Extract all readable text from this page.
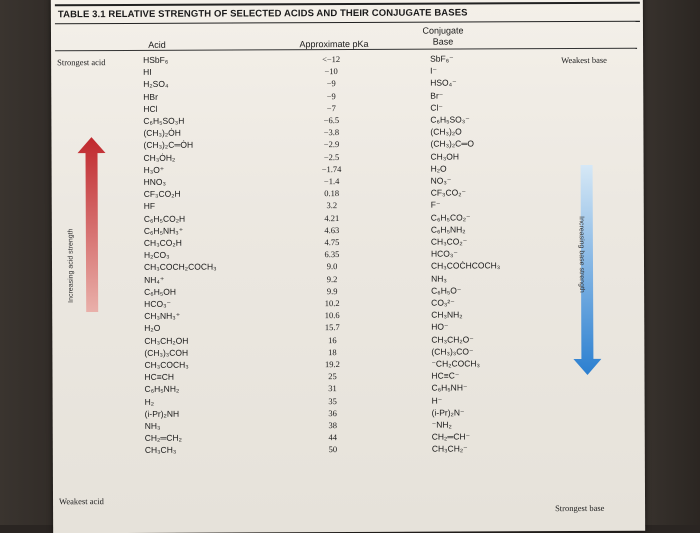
TABLE 3.1 RELATIVE STRENGTH OF SELECTED ACIDS AND THEIR CONJUGATE BASES
Acid	Approximate pKa
Conjugate
Base
Strongest acid	Weakest base
Weakest acid
Strongest base
Increasing acid strength	Increasing base strength
HSbF₆	<−12	SbF₆⁻
HI	−10	I⁻
H₂SO₄	−9	HSO₄⁻
HBr	−9	Br⁻
HCl	−7	Cl⁻
C₆H₅SO₃H	−6.5	C₆H₅SO₃⁻
(CH₃)₂ȮH	−3.8	(CH₃)₂O
(CH₃)₂C═ȮH	−2.9	(CH₃)₂C═O
CH₃ȮH₂	−2.5	CH₃OH
H₃O⁺	−1.74	H₂O
HNO₃	−1.4	NO₃⁻
CF₃CO₂H	0.18	CF₃CO₂⁻
HF	3.2	F⁻
C₆H₅CO₂H	4.21	C₆H₅CO₂⁻
C₆H₅NH₃⁺	4.63	C₆H₅NH₂
CH₃CO₂H	4.75	CH₃CO₂⁻
H₂CO₃	6.35	HCO₃⁻
CH₃COCH₂COCH₃	9.0	CH₃COĊHCOCH₃
NH₄⁺	9.2	NH₃
C₆H₅OH	9.9	C₆H₅O⁻
HCO₃⁻	10.2	CO₃²⁻
CH₃NH₃⁺	10.6	CH₃NH₂
H₂O	15.7	HO⁻
CH₃CH₂OH	16	CH₃CH₂O⁻
(CH₃)₃COH	18	(CH₃)₃CO⁻
CH₃COCH₃	19.2	⁻CH₂COCH₃
HC≡CH	25	HC≡C⁻
C₆H₅NH₂	31	C₆H₅NH⁻
H₂	35	H⁻
(i-Pr)₂NH	36	(i-Pr)₂N⁻
NH₃	38	⁻NH₂
CH₂═CH₂	44	CH₂═CH⁻
CH₃CH₃	50	CH₃CH₂⁻
